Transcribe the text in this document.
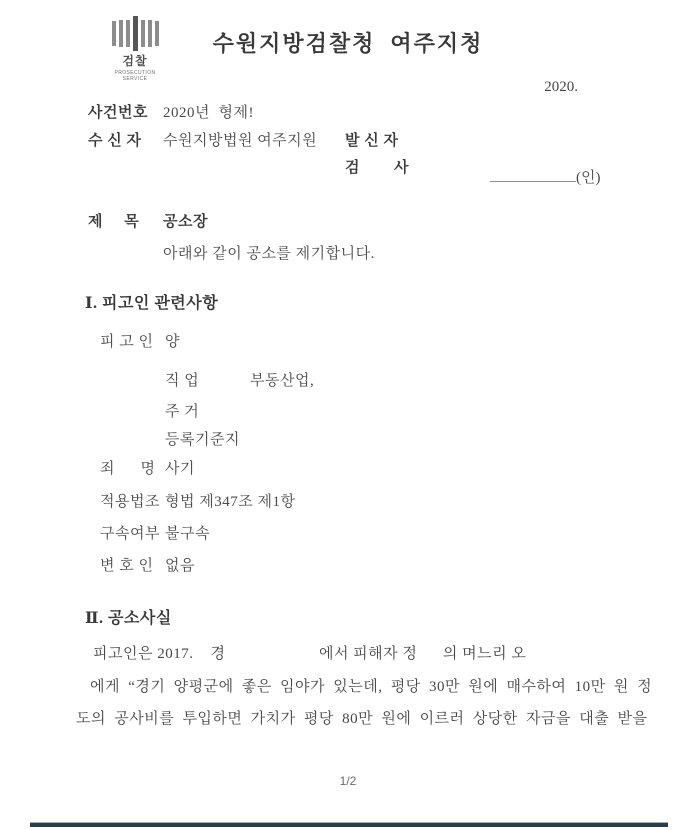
검찰
PROSECUTION SERVICE
수원지방검찰청  여주지청
2020.
사건번호 2020년  형제!
수 신 자 수원지방법원 여주지원 발 신 자
검        사
(인)
제     목 공소장
아래와 같이 공소를 제기합니다.
Ⅰ. 피고인 관련사항
피 고 인 양
직 업	부동산업,
주 거
등록기준지
죄      명 사기
적용법조 형법 제347조 제1항
구속여부 불구속
변 호 인 없음
Ⅱ. 공소사실
피고인은 2017.    경                      에서 피해자 정      의 며느리 오
에게 “경기 양평군에 좋은 임야가 있는데, 평당 30만 원에 매수하여 10만 원 정
도의 공사비를 투입하면 가치가 평당 80만 원에 이르러 상당한 자금을 대출 받을
1/2
